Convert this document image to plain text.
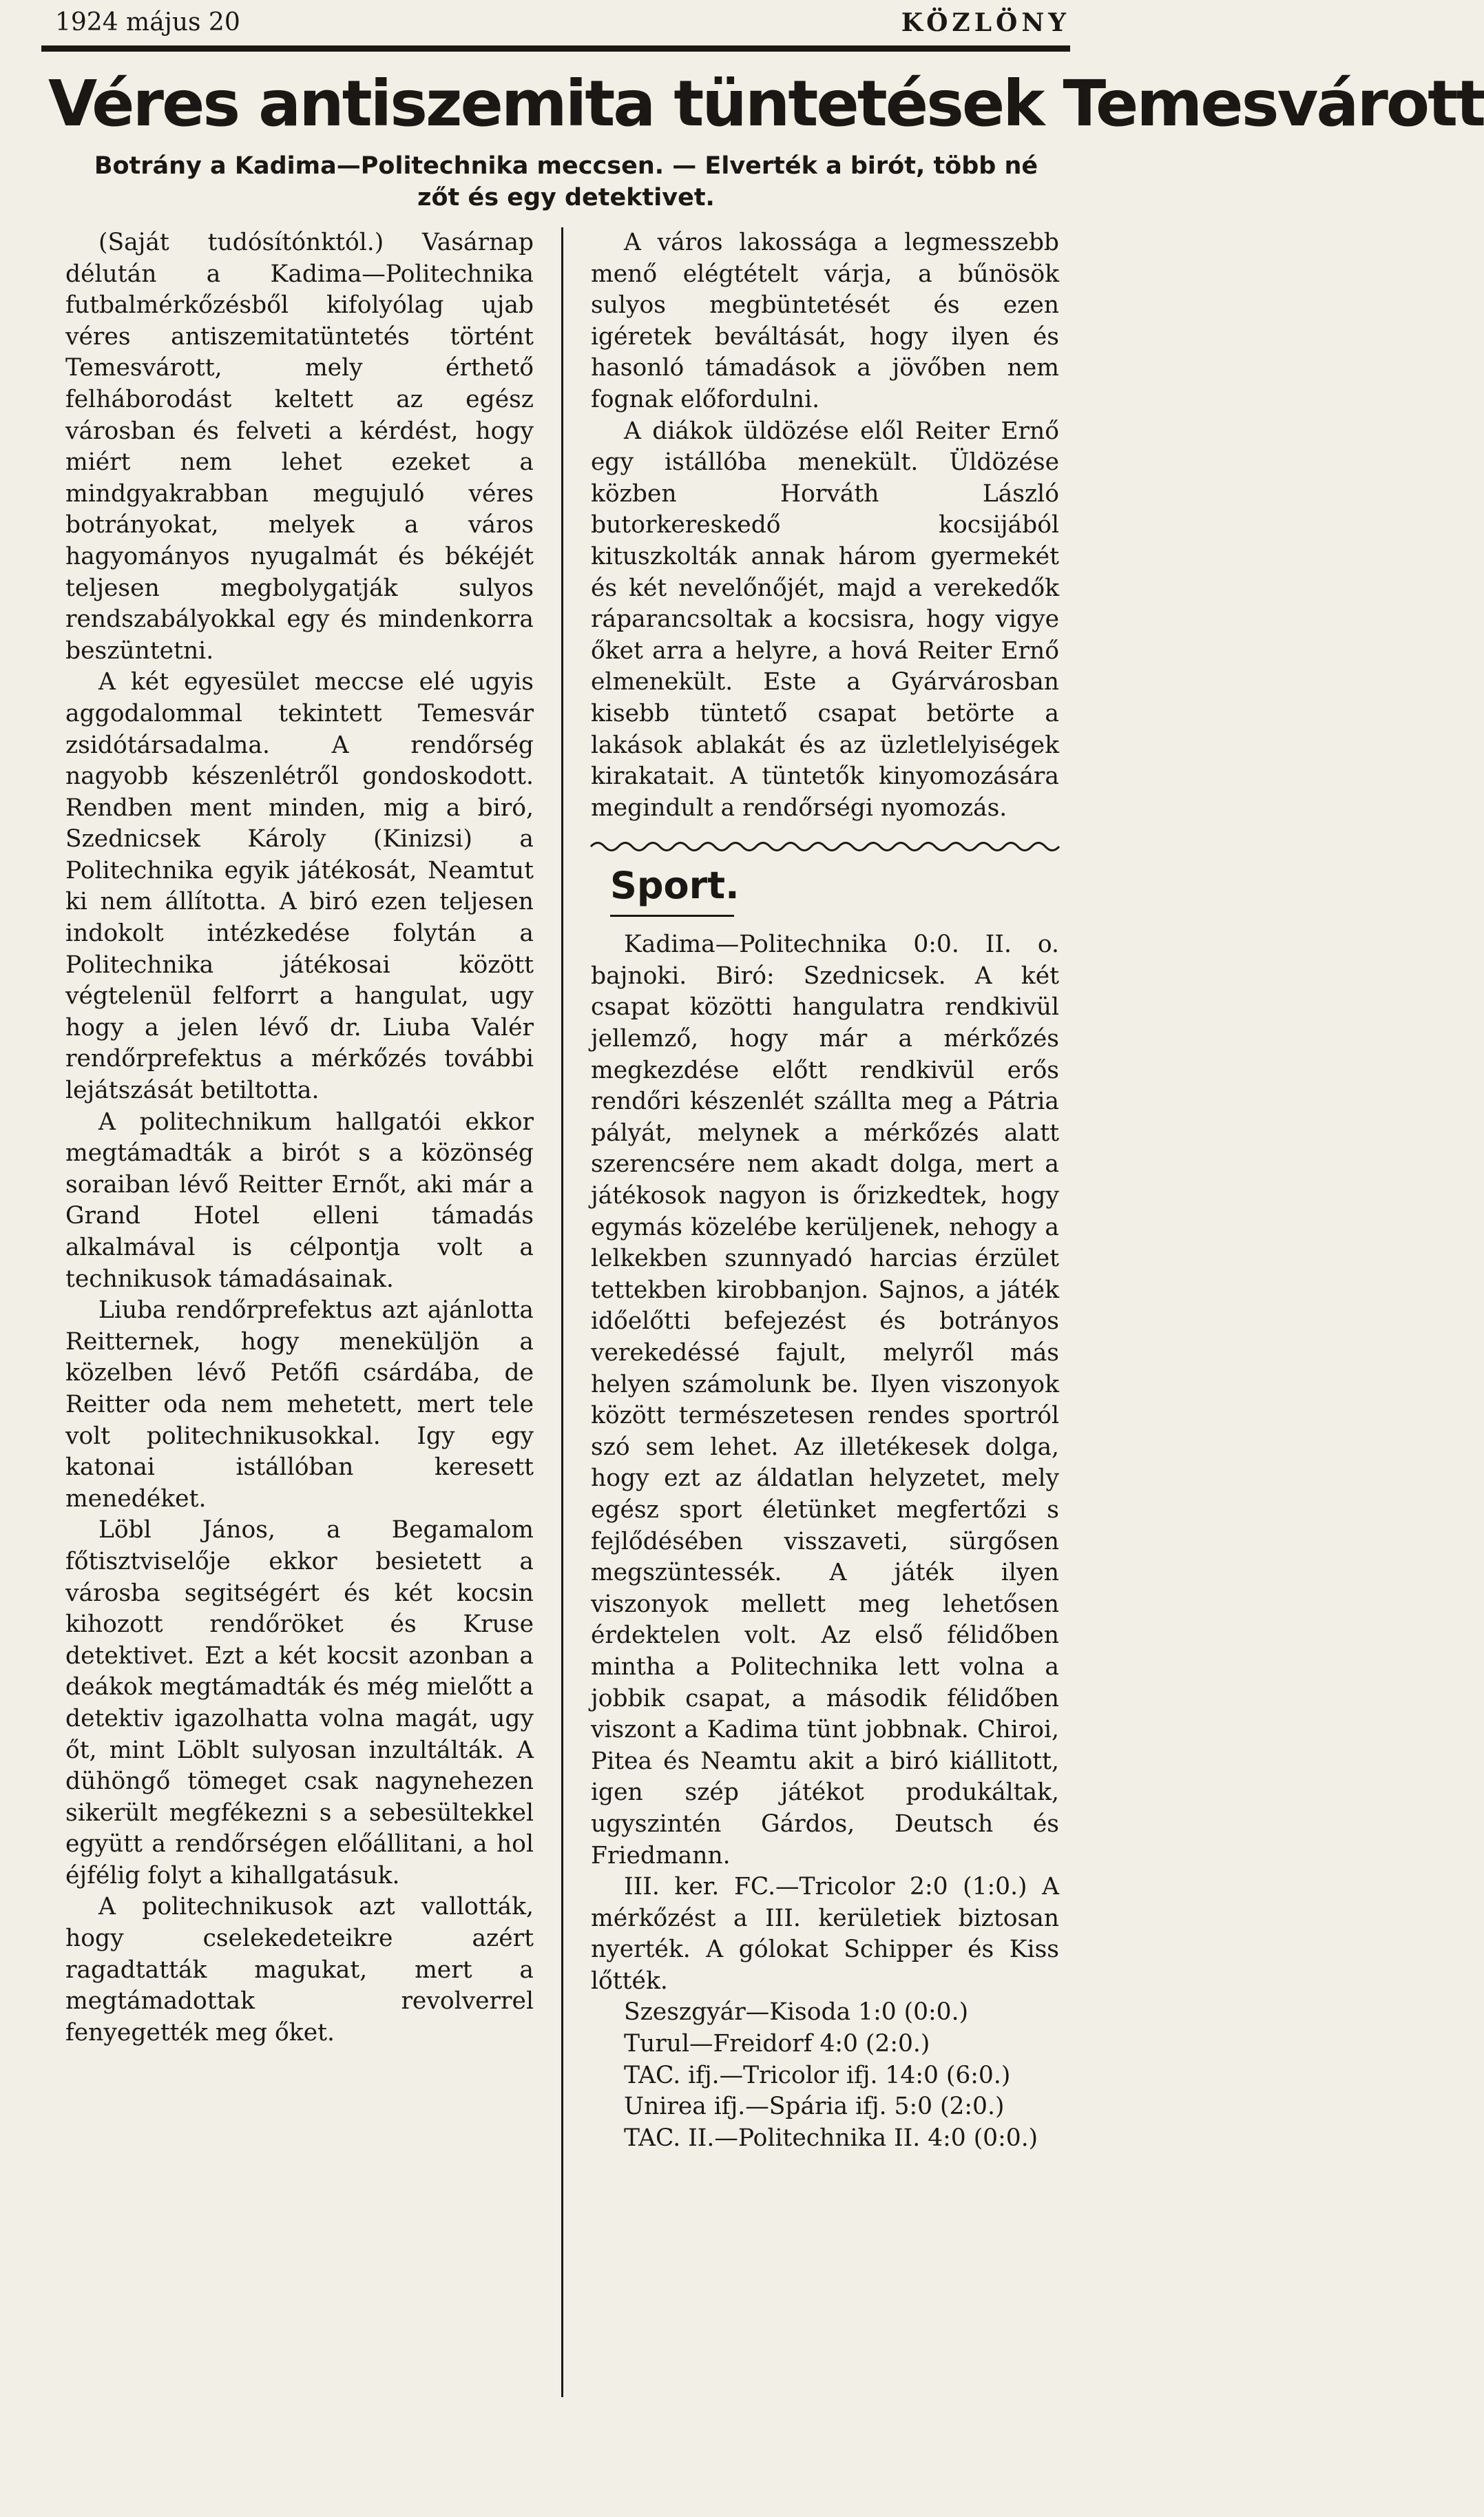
1924 május 20	KÖZLÖNY
Véres antiszemita tüntetések Temesvárott
Botrány a Kadima—Politechnika meccsen. — Elverték a birót, több né zőt és egy detektivet.

(Saját tudósítónktól.) Vasárnap délután a Kadima—Politechnika futbalmérkőzésből kifolyólag ujab véres antiszemitatüntetés történt Temesvárott, mely érthető felháborodást keltett az egész városban és felveti a kérdést, hogy miért nem lehet ezeket a mindgyakrabban megujuló véres botrányokat, melyek a város hagyományos nyugalmát és békéjét teljesen megbolygatják sulyos rendszabályokkal egy és mindenkorra beszüntetni.

A két egyesület meccse elé ugyis aggodalommal tekintett Temesvár zsidótársadalma. A rendőrség nagyobb készenlétről gondoskodott. Rendben ment minden, mig a biró, Szednicsek Károly (Kinizsi) a Politechnika egyik játékosát, Neamtut ki nem állította. A biró ezen teljesen indokolt intézkedése folytán a Politechnika játékosai között végtelenül felforrt a hangulat, ugy hogy a jelen lévő dr. Liuba Valér rendőrprefektus a mérkőzés további lejátszását betiltotta.

A politechnikum hallgatói ekkor megtámadták a birót s a közönség soraiban lévő Reitter Ernőt, aki már a Grand Hotel elleni támadás alkalmával is célpontja volt a technikusok támadásainak.

Liuba rendőrprefektus azt ajánlotta Reitternek, hogy meneküljön a közelben lévő Petőfi csárdába, de Reitter oda nem mehetett, mert tele volt politechnikusokkal. Igy egy katonai istállóban keresett menedéket.

Löbl János, a Begamalom főtisztviselője ekkor besietett a városba segitségért és két kocsin kihozott rendőröket és Kruse detektivet. Ezt a két kocsit azonban a deákok megtámadták és még mielőtt a detektiv igazolhatta volna magát, ugy őt, mint Löblt sulyosan inzultálták. A dühöngő tömeget csak nagynehezen sikerült megfékezni s a sebesültekkel együtt a rendőrségen előállitani, a hol éjfélig folyt a kihallgatásuk.

A politechnikusok azt vallották, hogy cselekedeteikre azért ragadtatták magukat, mert a megtámadottak revolverrel fenyegették meg őket.

A város lakossága a legmesszebb menő elégtételt várja, a bűnösök sulyos megbüntetését és ezen igéretek beváltását, hogy ilyen és hasonló támadások a jövőben nem fognak előfordulni.

A diákok üldözése elől Reiter Ernő egy istállóba menekült. Üldözése közben Horváth László butorkereskedő kocsijából kituszkolták annak három gyermekét és két nevelőnőjét, majd a verekedők ráparancsoltak a kocsisra, hogy vigye őket arra a helyre, a hová Reiter Ernő elmenekült. Este a Gyárvárosban kisebb tüntető csapat betörte a lakások ablakát és az üzletlelyiségek kirakatait. A tüntetők kinyomozására megindult a rendőrségi nyomozás.

Sport.

Kadima—Politechnika 0:0. II. o. bajnoki. Biró: Szednicsek. A két csapat közötti hangulatra rendkivül jellemző, hogy már a mérkőzés megkezdése előtt rendkivül erős rendőri készenlét szállta meg a Pátria pályát, melynek a mérkőzés alatt szerencsére nem akadt dolga, mert a játékosok nagyon is őrizkedtek, hogy egymás közelébe kerüljenek, nehogy a lelkekben szunnyadó harcias érzület tettekben kirobbanjon. Sajnos, a játék időelőtti befejezést és botrányos verekedéssé fajult, melyről más helyen számolunk be. Ilyen viszonyok között természetesen rendes sportról szó sem lehet. Az illetékesek dolga, hogy ezt az áldatlan helyzetet, mely egész sport életünket megfertőzi s fejlődésében visszaveti, sürgősen megszüntessék. A játék ilyen viszonyok mellett meg lehetősen érdektelen volt. Az első félidőben mintha a Politechnika lett volna a jobbik csapat, a második félidőben viszont a Kadima tünt jobbnak. Chiroi, Pitea és Neamtu akit a biró kiállitott, igen szép játékot produkáltak, ugyszintén Gárdos, Deutsch és Friedmann.

III. ker. FC.—Tricolor 2:0 (1:0.) A mérkőzést a III. kerületiek biztosan nyerték. A gólokat Schipper és Kiss lőtték.

Szeszgyár—Kisoda 1:0 (0:0.)

Turul—Freidorf 4:0 (2:0.)

TAC. ifj.—Tricolor ifj. 14:0 (6:0.)

Unirea ifj.—Spária ifj. 5:0 (2:0.)

TAC. II.—Politechnika II. 4:0 (0:0.)
